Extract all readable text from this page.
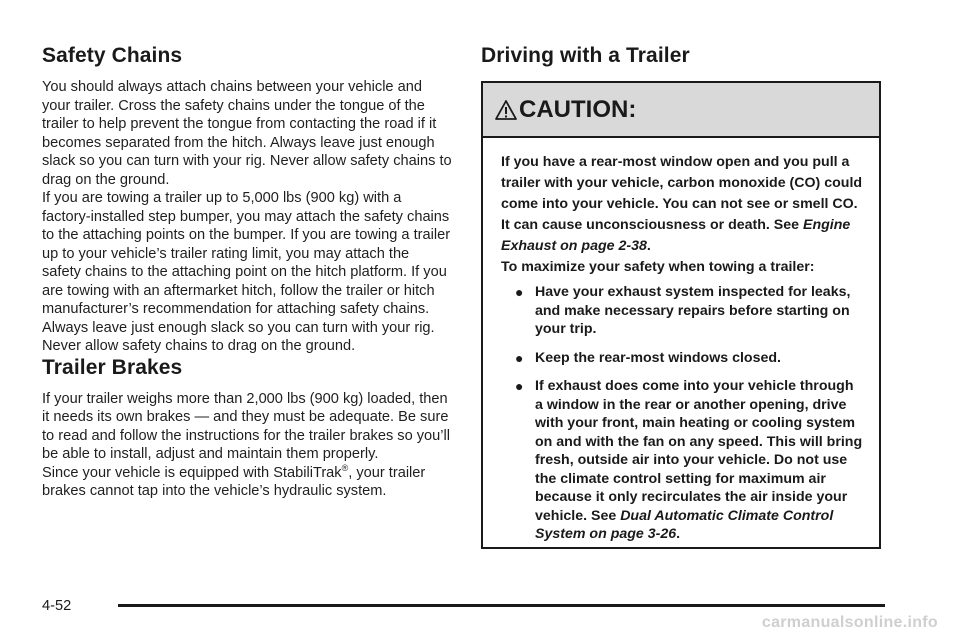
Safety Chains

You should always attach chains between your vehicle and your trailer. Cross the safety chains under the tongue of the trailer to help prevent the tongue from contacting the road if it becomes separated from the hitch. Always leave just enough slack so you can turn with your rig. Never allow safety chains to drag on the ground.

If you are towing a trailer up to 5,000 lbs (900 kg) with a factory-installed step bumper, you may attach the safety chains to the attaching points on the bumper. If you are towing a trailer up to your vehicle’s trailer rating limit, you may attach the safety chains to the attaching point on the hitch platform. If you are towing with an aftermarket hitch, follow the trailer or hitch manufacturer’s recommendation for attaching safety chains. Always leave just enough slack so you can turn with your rig. Never allow safety chains to drag on the ground.

Trailer Brakes

If your trailer weighs more than 2,000 lbs (900 kg) loaded, then it needs its own brakes — and they must be adequate. Be sure to read and follow the instructions for the trailer brakes so you’ll be able to install, adjust and maintain them properly.

Since your vehicle is equipped with StabiliTrak®, your trailer brakes cannot tap into the vehicle’s hydraulic system.

Driving with a Trailer
CAUTION:

If you have a rear-most window open and you pull a trailer with your vehicle, carbon monoxide (CO) could come into your vehicle. You can not see or smell CO. It can cause unconsciousness or death. See Engine Exhaust on page 2-38.

To maximize your safety when towing a trailer:

● Have your exhaust system inspected for leaks, and make necessary repairs before starting on your trip.
● Keep the rear-most windows closed.
● If exhaust does come into your vehicle through a window in the rear or another opening, drive with your front, main heating or cooling system on and with the fan on any speed. This will bring fresh, outside air into your vehicle. Do not use the climate control setting for maximum air because it only recirculates the air inside your vehicle. See Dual Automatic Climate Control System on page 3-26.
4-52
carmanualsonline.info
